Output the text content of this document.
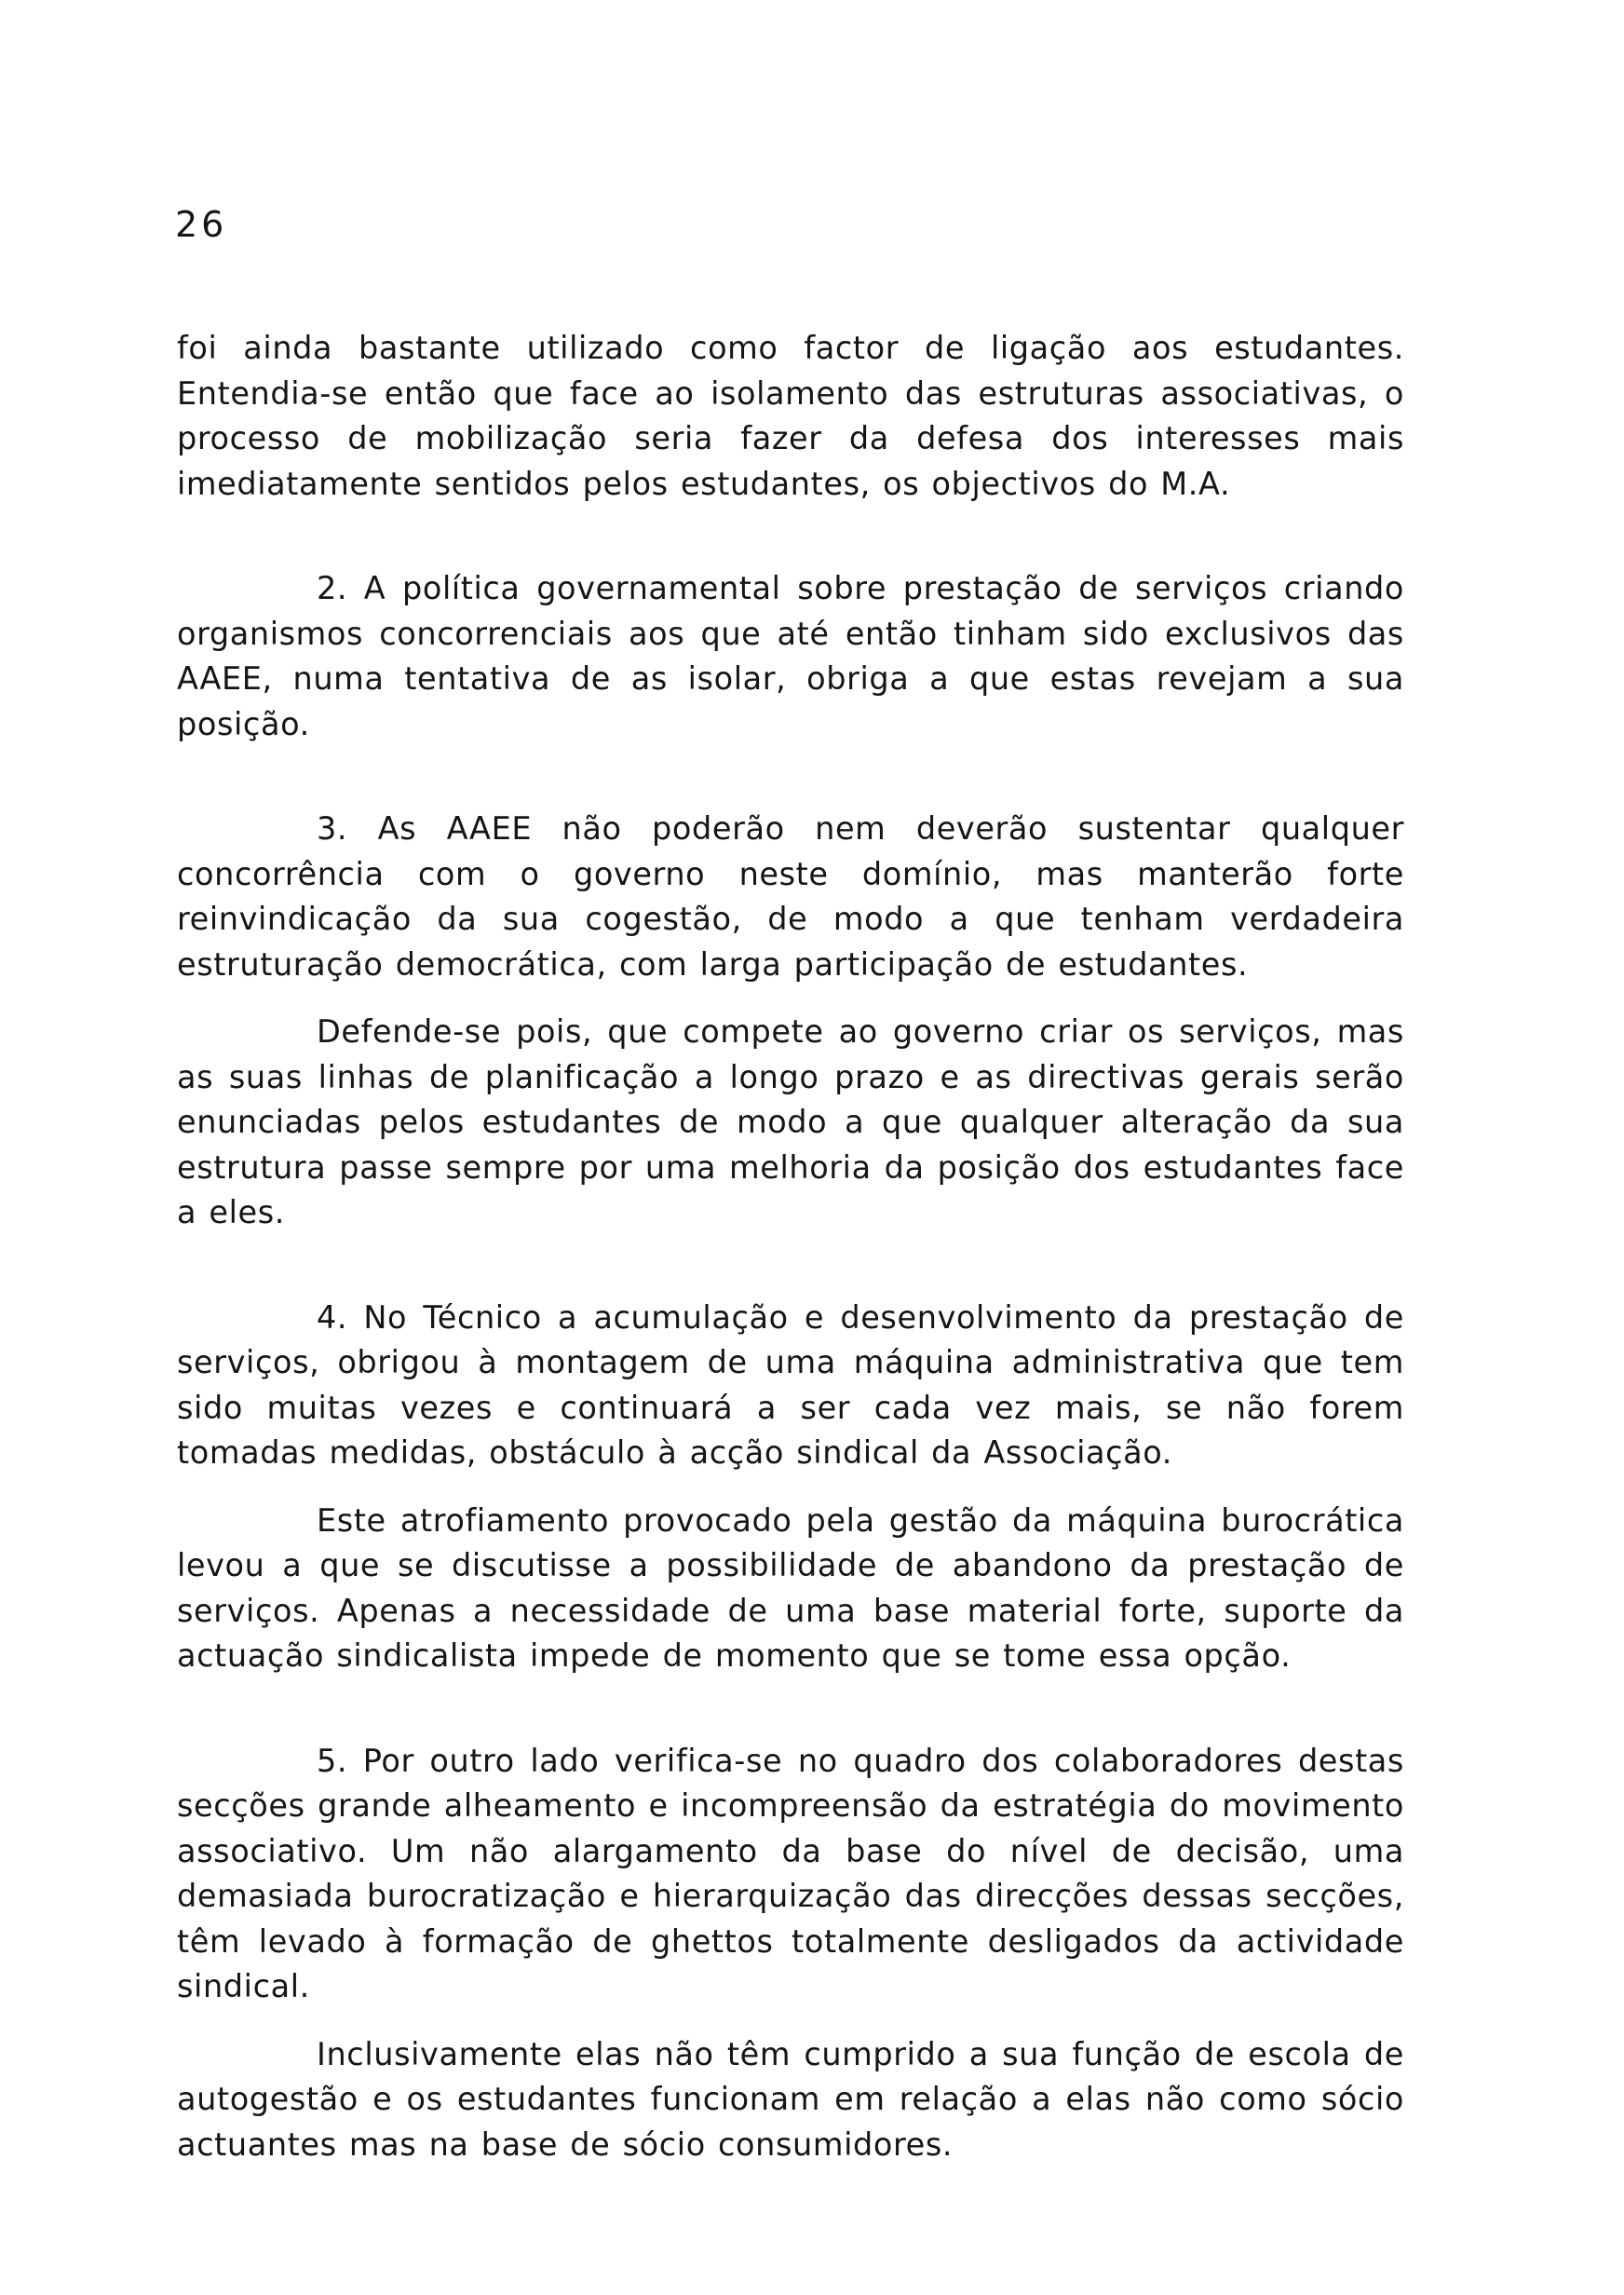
26

foi ainda bastante utilizado como factor de ligação aos estudantes. Entendia-se então que face ao isolamento das estruturas associativas, o processo de mobilização seria fazer da defesa dos interesses mais imediatamente sentidos pelos estudantes, os objectivos do M.A.

2. A política governamental sobre prestação de serviços criando organismos concorrenciais aos que até então tinham sido exclusivos das AAEE, numa tentativa de as isolar, obriga a que estas revejam a sua posição.

3. As AAEE não poderão nem deverão sustentar qualquer concorrência com o governo neste domínio, mas manterão forte reinvindicação da sua cogestão, de modo a que tenham verdadeira estruturação democrática, com larga participação de estudantes.

Defende-se pois, que compete ao governo criar os serviços, mas as suas linhas de planificação a longo prazo e as directivas gerais serão enunciadas pelos estudantes de modo a que qualquer alteração da sua estrutura passe sempre por uma melhoria da posição dos estudantes face a eles.

4. No Técnico a acumulação e desenvolvimento da prestação de serviços, obrigou à montagem de uma máquina administrativa que tem sido muitas vezes e continuará a ser cada vez mais, se não forem tomadas medidas, obstáculo à acção sindical da Associação.

Este atrofiamento provocado pela gestão da máquina burocrática levou a que se discutisse a possibilidade de abandono da prestação de serviços. Apenas a necessidade de uma base material forte, suporte da actuação sindicalista impede de momento que se tome essa opção.

5. Por outro lado verifica-se no quadro dos colaboradores destas secções grande alheamento e incompreensão da estratégia do movimento associativo. Um não alargamento da base do nível de decisão, uma demasiada burocratização e hierarquização das direcções dessas secções, têm levado à formação de ghettos totalmente desligados da actividade sindical.

Inclusivamente elas não têm cumprido a sua função de escola de autogestão e os estudantes funcionam em relação a elas não como sócio actuantes mas na base de sócio consumidores.
